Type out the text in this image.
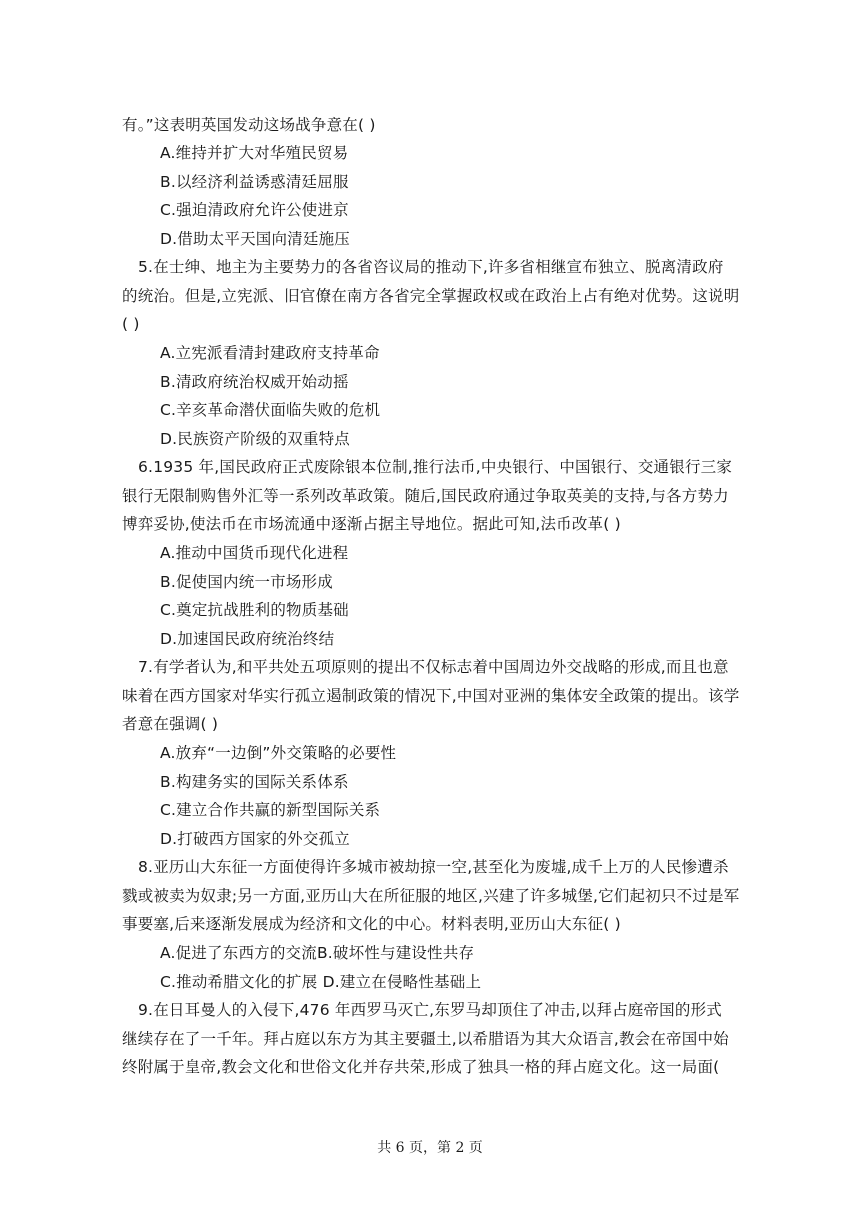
有。”这表明英国发动这场战争意在( )
A.维持并扩大对华殖民贸易
B.以经济利益诱惑清廷屈服
C.强迫清政府允许公使进京
D.借助太平天国向清廷施压
5.在士绅、地主为主要势力的各省咨议局的推动下,许多省相继宣布独立、脱离清政府
的统治。但是,立宪派、旧官僚在南方各省完全掌握政权或在政治上占有绝对优势。这说明
( )
A.立宪派看清封建政府支持革命
B.清政府统治权威开始动摇
C.辛亥革命潜伏面临失败的危机
D.民族资产阶级的双重特点
6.1935 年,国民政府正式废除银本位制,推行法币,中央银行、中国银行、交通银行三家
银行无限制购售外汇等一系列改革政策。随后,国民政府通过争取英美的支持,与各方势力
博弈妥协,使法币在市场流通中逐渐占据主导地位。据此可知,法币改革( )
A.推动中国货币现代化进程
B.促使国内统一市场形成
C.奠定抗战胜利的物质基础
D.加速国民政府统治终结
7.有学者认为,和平共处五项原则的提出不仅标志着中国周边外交战略的形成,而且也意
味着在西方国家对华实行孤立遏制政策的情况下,中国对亚洲的集体安全政策的提出。该学
者意在强调( )
A.放弃“一边倒”外交策略的必要性
B.构建务实的国际关系体系
C.建立合作共赢的新型国际关系
D.打破西方国家的外交孤立
8.亚历山大东征一方面使得许多城市被劫掠一空,甚至化为废墟,成千上万的人民惨遭杀
戮或被卖为奴隶;另一方面,亚历山大在所征服的地区,兴建了许多城堡,它们起初只不过是军
事要塞,后来逐渐发展成为经济和文化的中心。材料表明,亚历山大东征( )
A.促进了东西方的交流B.破坏性与建设性共存
C.推动希腊文化的扩展 D.建立在侵略性基础上
9.在日耳曼人的入侵下,476 年西罗马灭亡,东罗马却顶住了冲击,以拜占庭帝国的形式
继续存在了一千年。拜占庭以东方为其主要疆土,以希腊语为其大众语言,教会在帝国中始
终附属于皇帝,教会文化和世俗文化并存共荣,形成了独具一格的拜占庭文化。这一局面(
共 6 页，第 2 页
